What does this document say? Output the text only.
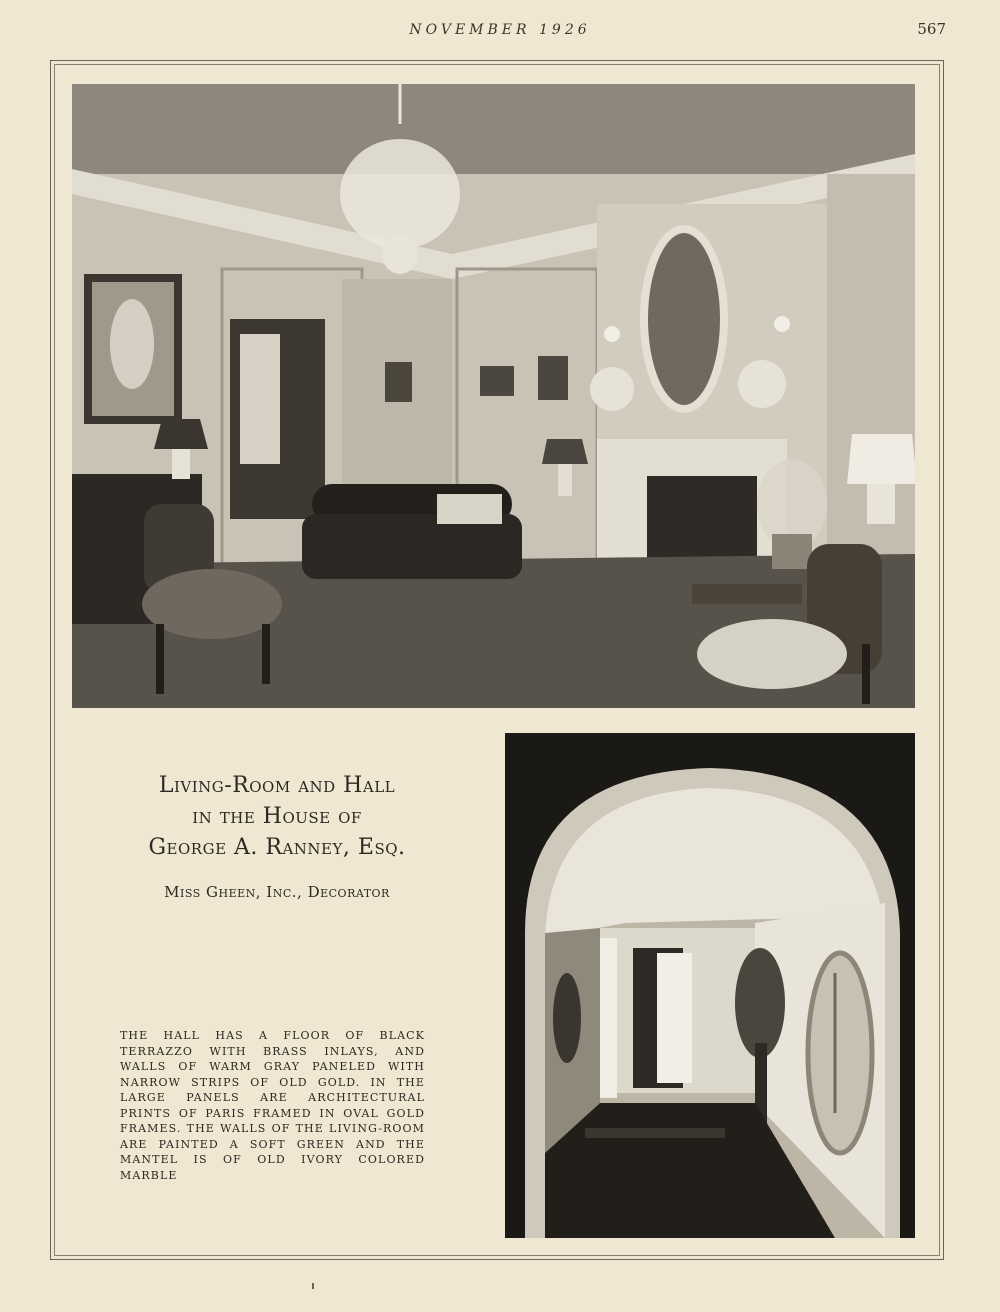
NOVEMBER 1926	567
Living-Room and Hall
in the House of
George A. Ranney, Esq.
Miss Gheen, Inc., Decorator
THE HALL HAS A FLOOR OF BLACK TERRAZZO WITH BRASS INLAYS, AND WALLS OF WARM GRAY PANELED WITH NARROW STRIPS OF OLD GOLD. IN THE LARGE PANELS ARE ARCHITECTURAL PRINTS OF PARIS FRAMED IN OVAL GOLD FRAMES. THE WALLS OF THE LIVING-ROOM ARE PAINTED A SOFT GREEN AND THE MANTEL IS OF OLD IVORY COLORED MARBLE
